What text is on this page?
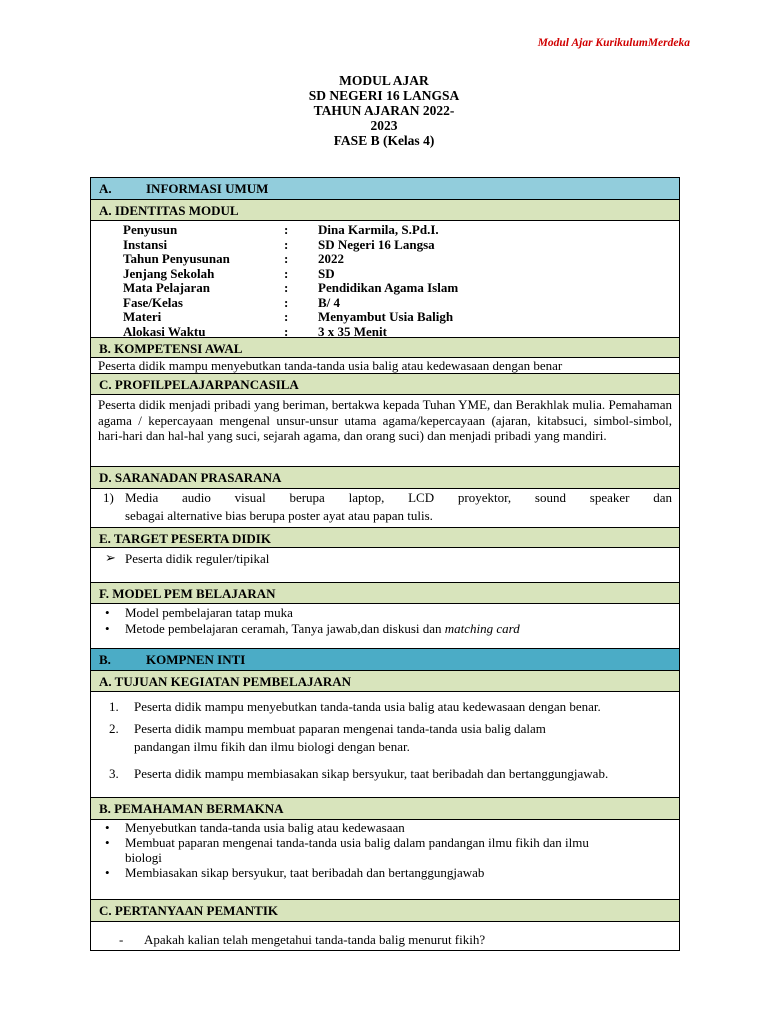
Modul Ajar KurikulumMerdeka
MODUL AJAR
SD NEGERI 16 LANGSA
TAHUN AJARAN 2022-
2023
FASE B (Kelas 4)
A.	INFORMASI UMUM
A. IDENTITAS MODUL
Penyusun	: Dina Karmila, S.Pd.I.
Instansi	: SD Negeri 16 Langsa
Tahun Penyusunan	: 2022
Jenjang Sekolah	: SD
Mata Pelajaran	: Pendidikan Agama Islam
Fase/Kelas	: B/ 4
Materi	: Menyambut Usia Baligh
Alokasi Waktu	: 3 x 35 Menit
B. KOMPETENSI AWAL
Peserta didik mampu menyebutkan tanda-tanda usia balig atau kedewasaan dengan benar
C. PROFILPELAJARPANCASILA
Peserta didik menjadi pribadi yang beriman, bertakwa kepada Tuhan YME, dan Berakhlak mulia. Pemahaman agama / kepercayaan mengenal unsur-unsur utama agama/kepercayaan (ajaran, kitabsuci, simbol-simbol, hari-hari dan hal-hal yang suci, sejarah agama, dan orang suci) dan menjadi pribadi yang mandiri.
D. SARANADAN PRASARANA
1) Media audio visual berupa laptop, LCD proyektor, sound speaker dan
sebagai alternative bias berupa poster ayat atau papan tulis.
E. TARGET PESERTA DIDIK
➢ Peserta didik reguler/tipikal
F. MODEL PEM BELAJARAN
• Model pembelajaran tatap muka
• Metode pembelajaran ceramah, Tanya jawab,dan diskusi dan matching card
B.	KOMPNEN INTI
A. TUJUAN KEGIATAN PEMBELAJARAN
1. Peserta didik mampu menyebutkan tanda-tanda usia balig atau kedewasaan dengan benar.
2. Peserta didik mampu membuat paparan mengenai tanda-tanda usia balig dalam
pandangan ilmu fikih dan ilmu biologi dengan benar.
3. Peserta didik mampu membiasakan sikap bersyukur, taat beribadah dan bertanggungjawab.
B. PEMAHAMAN BERMAKNA
• Menyebutkan tanda-tanda usia balig atau kedewasaan
• Membuat paparan mengenai tanda-tanda usia balig dalam pandangan ilmu fikih dan ilmu
biologi
• Membiasakan sikap bersyukur, taat beribadah dan bertanggungjawab
C. PERTANYAAN PEMANTIK
- Apakah kalian telah mengetahui tanda-tanda balig menurut fikih?
